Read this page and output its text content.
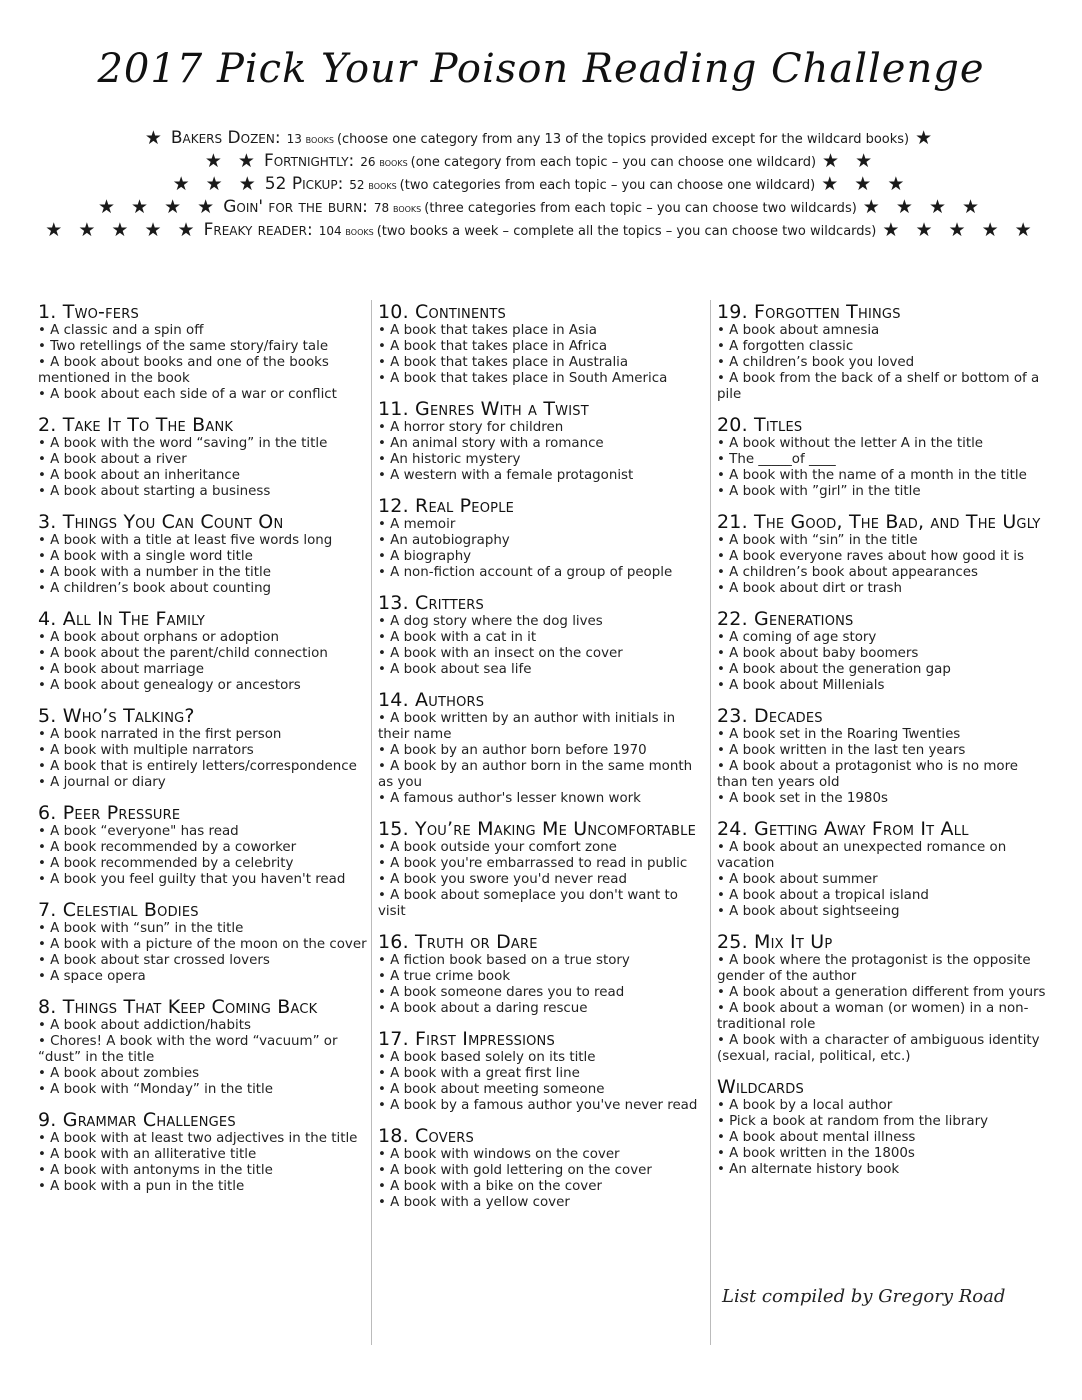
2017 Pick Your Poison Reading Challenge
★ Bakers Dozen: 13 books (choose one category from any 13 of the topics provided except for the wildcard books) ★
★ ★ Fortnightly: 26 books (one category from each topic – you can choose one wildcard) ★ ★
★ ★ ★ 52 Pickup: 52 books (two categories from each topic – you can choose one wildcard) ★ ★ ★
★ ★ ★ ★ Goin' for the burn: 78 books (three categories from each topic – you can choose two wildcards) ★ ★ ★ ★
★ ★ ★ ★ ★ Freaky reader: 104 books (two books a week – complete all the topics – you can choose two wildcards) ★ ★ ★ ★ ★
1. Two-fers
• A classic and a spin off
• Two retellings of the same story/fairy tale
• A book about books and one of the books mentioned in the book
• A book about each side of a war or conflict
2. Take It To The Bank
• A book with the word “saving” in the title
• A book about a river
• A book about an inheritance
• A book about starting a business
3. Things You Can Count On
• A book with a title at least five words long
• A book with a single word title
• A book with a number in the title
• A children’s book about counting
4. All In The Family
• A book about orphans or adoption
• A book about the parent/child connection
• A book about marriage
• A book about genealogy or ancestors
5. Who’s Talking?
• A book narrated in the first person
• A book with multiple narrators
• A book that is entirely letters/correspondence
• A journal or diary
6. Peer Pressure
• A book “everyone" has read
• A book recommended by a coworker
• A book recommended by a celebrity
• A book you feel guilty that you haven't read
7. Celestial Bodies
• A book with “sun” in the title
• A book with a picture of the moon on the cover
• A book about star crossed lovers
• A space opera
8. Things That Keep Coming Back
• A book about addiction/habits
• Chores! A book with the word “vacuum” or “dust” in the title
• A book about zombies
• A book with “Monday” in the title
9. Grammar Challenges
• A book with at least two adjectives in the title
• A book with an alliterative title
• A book with antonyms in the title
• A book with a pun in the title
10. Continents
• A book that takes place in Asia
• A book that takes place in Africa
• A book that takes place in Australia
• A book that takes place in South America
11. Genres With a Twist
• A horror story for children
• An animal story with a romance
• An historic mystery
• A western with a female protagonist
12. Real People
• A memoir
• An autobiography
• A biography
• A non-fiction account of a group of people
13. Critters
• A dog story where the dog lives
• A book with a cat in it
• A book with an insect on the cover
• A book about sea life
14. Authors
• A book written by an author with initials in their name
• A book by an author born before 1970
• A book by an author born in the same month as you
• A famous author's lesser known work
15. You’re Making Me Uncomfortable
• A book outside your comfort zone
• A book you're embarrassed to read in public
• A book you swore you'd never read
• A book about someplace you don't want to visit
16. Truth or Dare
• A fiction book based on a true story
• A true crime book
• A book someone dares you to read
• A book about a daring rescue
17. First Impressions
• A book based solely on its title
• A book with a great first line
• A book about meeting someone
• A book by a famous author you've never read
18. Covers
• A book with windows on the cover
• A book with gold lettering on the cover
• A book with a bike on the cover
• A book with a yellow cover
19. Forgotten Things
• A book about amnesia
• A forgotten classic
• A children’s book you loved
• A book from the back of a shelf or bottom of a pile
20. Titles
• A book without the letter A in the title
• The _____of ____
• A book with the name of a month in the title
• A book with ”girl” in the title
21. The Good, The Bad, and The Ugly
• A book with “sin” in the title
• A book everyone raves about how good it is
• A children’s book about appearances
• A book about dirt or trash
22. Generations
• A coming of age story
• A book about baby boomers
• A book about the generation gap
• A book about Millenials
23. Decades
• A book set in the Roaring Twenties
• A book written in the last ten years
• A book about a protagonist who is no more than ten years old
• A book set in the 1980s
24. Getting Away From It All
• A book about an unexpected romance on vacation
• A book about summer
• A book about a tropical island
• A book about sightseeing
25. Mix It Up
• A book where the protagonist is the opposite gender of the author
• A book about a generation different from yours
• A book about a woman (or women) in a non-traditional role
• A book with a character of ambiguous identity (sexual, racial, political, etc.)
Wildcards
• A book by a local author
• Pick a book at random from the library
• A book about mental illness
• A book written in the 1800s
• An alternate history book
List compiled by Gregory Road
